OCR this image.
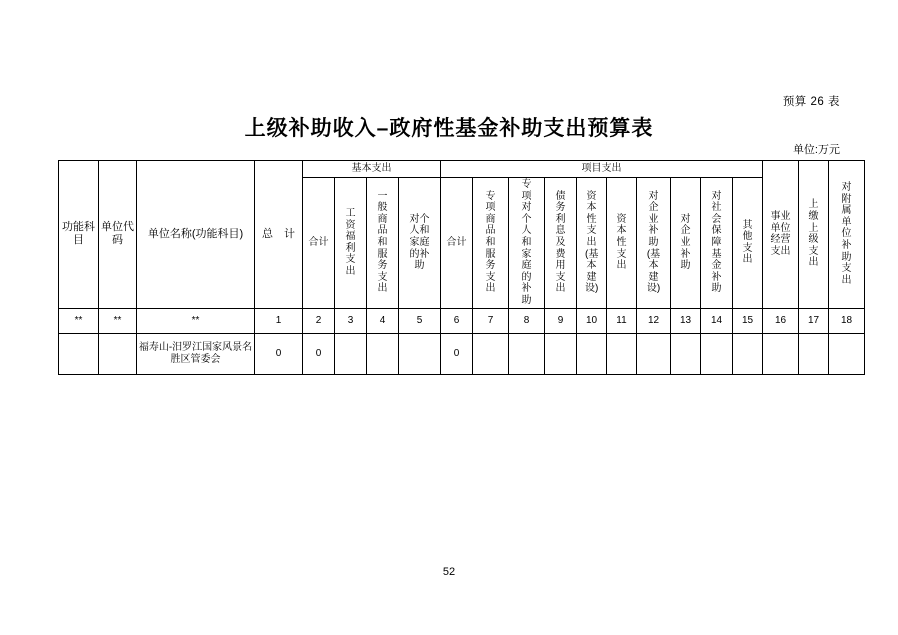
预算 26 表
上级补助收入–政府性基金补助支出预算表
单位:万元
功能科目	单位代码	单位名称(功能科目)	总　计	基本支出				项目支出										事业单位经营支出	上缴上级支出	对附属单位补助支出

				合计	工资福利支出	一般商品和服务支出	对个人和家庭的补助	合计	专项商品和服务支出	专项对个人和家庭的补助	债务利息及费用支出	资本性支出(基本建设)	资本性支出	对企业补助(基本建设)	对企业补助	对社会保障基金补助	其他支出			

**	**	**	1	2	3	4	5	6	7	8	9	10	11	12	13	14	15	16	17	18
		福寿山-汨罗江国家风景名胜区管委会	0	0				0												
52
